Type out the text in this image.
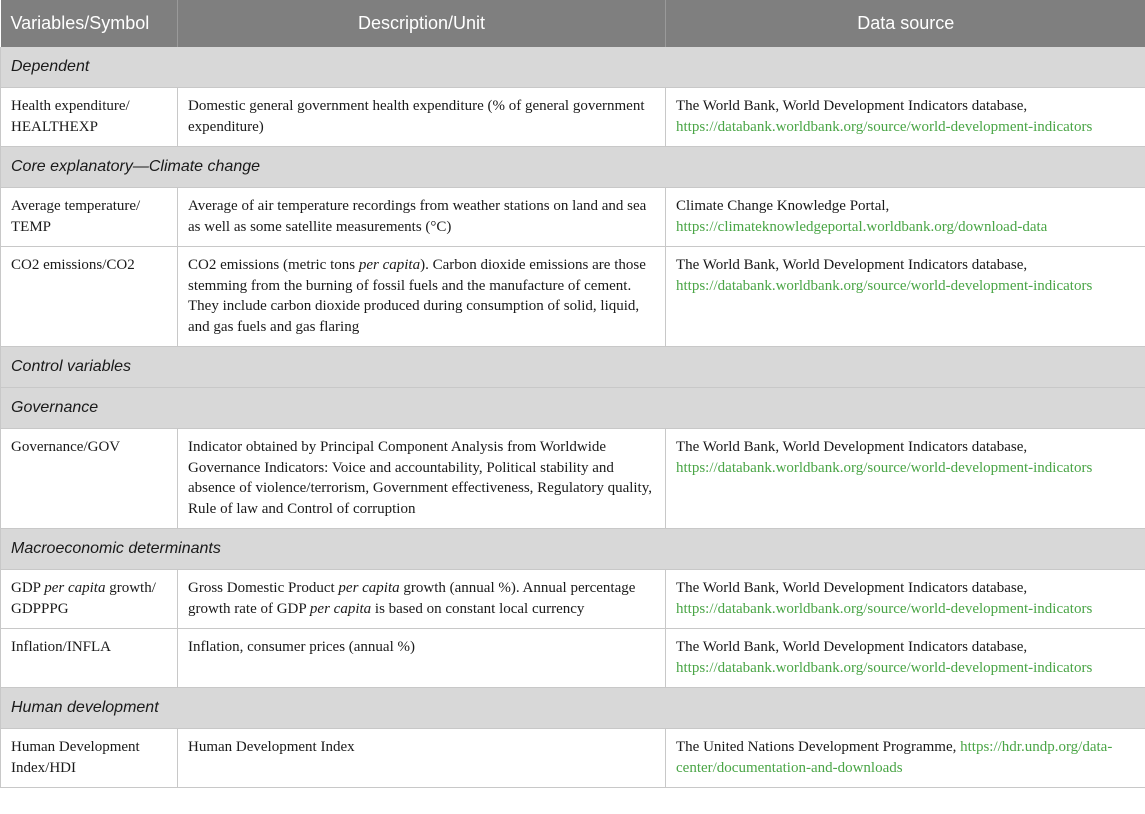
Variables/Symbol	Description/Unit	Data source
Dependent		
Health expenditure/ HEALTHEXP	Domestic general government health expenditure (% of general government expenditure)	The World Bank, World Development Indicators database, https://databank.worldbank.org/source/world-development-indicators
Core explanatory—Climate change		
Average temperature/ TEMP	Average of air temperature recordings from weather stations on land and sea as well as some satellite measurements (°C)	Climate Change Knowledge Portal, https://climateknowledgeportal.worldbank.org/download-data
CO2 emissions/CO2	CO2 emissions (metric tons per capita). Carbon dioxide emissions are those stemming from the burning of fossil fuels and the manufacture of cement. They include carbon dioxide produced during consumption of solid, liquid, and gas fuels and gas flaring	The World Bank, World Development Indicators database, https://databank.worldbank.org/source/world-development-indicators
Control variables		
Governance		
Governance/GOV	Indicator obtained by Principal Component Analysis from Worldwide Governance Indicators: Voice and accountability, Political stability and absence of violence/terrorism, Government effectiveness, Regulatory quality, Rule of law and Control of corruption	The World Bank, World Development Indicators database, https://databank.worldbank.org/source/world-development-indicators
Macroeconomic determinants		
GDP per capita growth/ GDPPPG	Gross Domestic Product per capita growth (annual %). Annual percentage growth rate of GDP per capita is based on constant local currency	The World Bank, World Development Indicators database, https://databank.worldbank.org/source/world-development-indicators
Inflation/INFLA	Inflation, consumer prices (annual %)	The World Bank, World Development Indicators database, https://databank.worldbank.org/source/world-development-indicators
Human development		
Human Development Index/HDI	Human Development Index	The United Nations Development Programme, https://hdr.undp.org/data-center/documentation-and-downloads
